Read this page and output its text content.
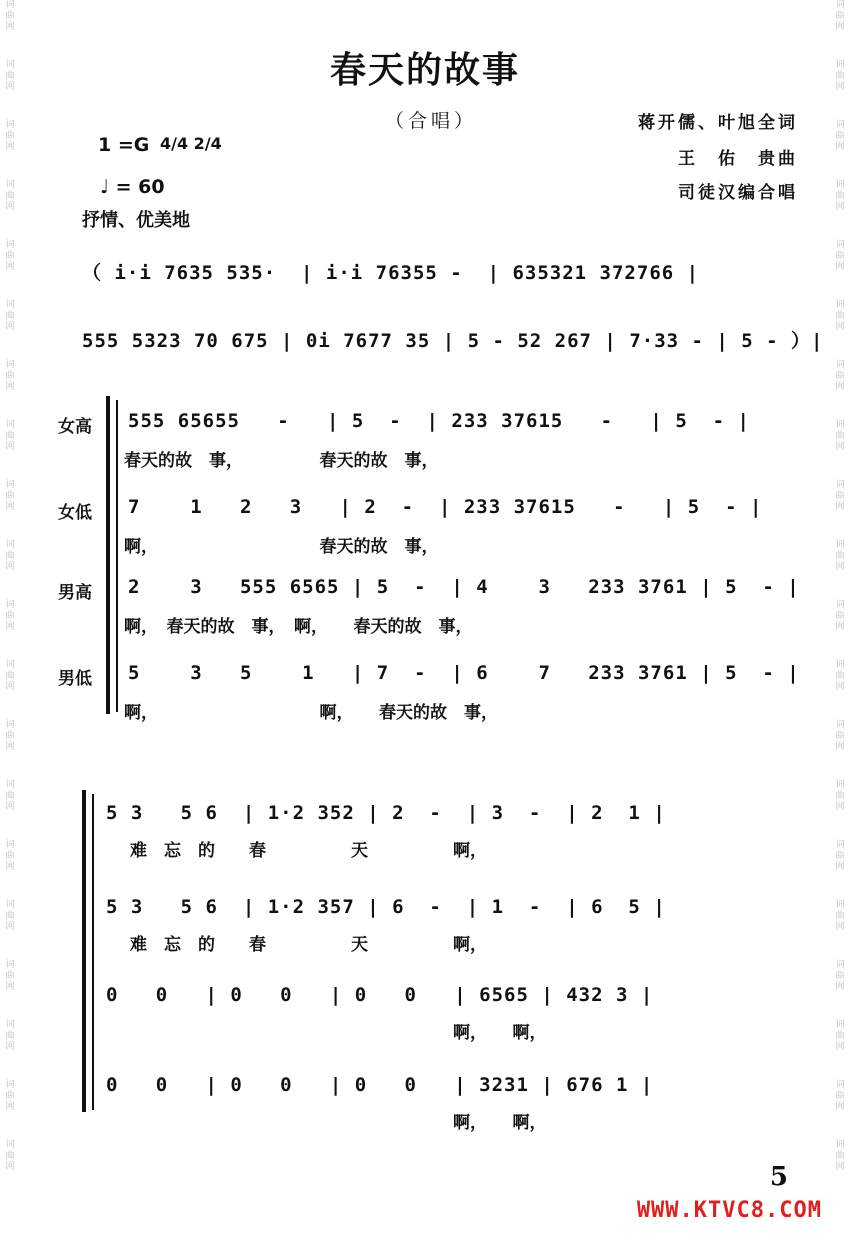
词
曲
网
词
曲
网
词
曲
网
词
曲
网
词
曲
网
词
曲
网
词
曲
网
词
曲
网
词
曲
网
词
曲
网
词
曲
网
词
曲
网
词
曲
网
词
曲
网
词
曲
网
词
曲
网
词
曲
网
词
曲
网
词
曲
网
词
曲
网
词
曲
网
词
曲
网
词
曲
网
词
曲
网
词
曲
网
词
曲
网
词
曲
网
词
曲
网
词
曲
网
词
曲
网
词
曲
网
词
曲
网
词
曲
网
词
曲
网
词
曲
网
词
曲
网
词
曲
网
词
曲
网
词
曲
网
词
曲
网
春天的故事
（合唱）	蒋开儒、叶旭全词
王　佑　贵曲
司徒汉编合唱
1 =G 4/4 2/4
♩ = 60
抒情、优美地
（ i·i 7635 535·  | i·i 76355 -  | 635321 372766 |
555 5323 70 675 | 0i 7677 35 | 5 - 52 267 | 7·33 - | 5 - ）|
女高
女低
男高
男低
555 65655   -   | 5  -  | 233 37615   -   | 5  - |
春天的故　事，　　　　　春天的故　事，
7    1   2   3   | 2  -  | 233 37615   -   | 5  - |
啊，　　　　　　　　　　春天的故　事，
2    3   555 6565 | 5  -  | 4    3   233 3761 | 5  - |
啊，　春天的故　事，　啊，　　春天的故　事，
5    3   5    1   | 7  -  | 6    7   233 3761 | 5  - |
啊，　　　　　　　　　　啊，　　春天的故　事，
5 3   5 6  | 1·2 352 | 2  -  | 3  -  | 2  1 |
难　忘　的　　春　　　　　天　　　　　啊，
5 3   5 6  | 1·2 357 | 6  -  | 1  -  | 6  5 |
难　忘　的　　春　　　　　天　　　　　啊，
0   0   | 0   0   | 0   0   | 6565 | 432 3 |
　　　　　　　　　　　　　　　　　　　啊，　　啊，
0   0   | 0   0   | 0   0   | 3231 | 676 1 |
　　　　　　　　　　　　　　　　　　　啊，　　啊，
5
WWW.KTVC8.COM
